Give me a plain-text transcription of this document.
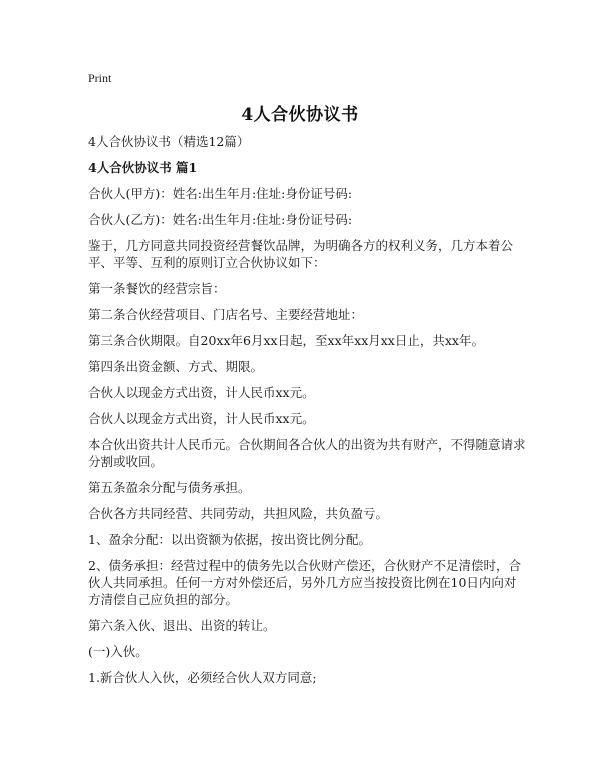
Print
4人合伙协议书

4人合伙协议书（精选12篇）

4人合伙协议书 篇1

合伙人(甲方)：姓名:出生年月:住址:身份证号码:

合伙人(乙方)：姓名:出生年月:住址:身份证号码:

鉴于，几方同意共同投资经营餐饮品牌，为明确各方的权利义务，几方本着公平、平等、互利的原则订立合伙协议如下：

第一条餐饮的经营宗旨：

第二条合伙经营项目、门店名号、主要经营地址：

第三条合伙期限。自20xx年6月xx日起，至xx年xx月xx日止，共xx年。

第四条出资金额、方式、期限。

合伙人以现金方式出资，计人民币xx元。

合伙人以现金方式出资，计人民币xx元。

本合伙出资共计人民币元。合伙期间各合伙人的出资为共有财产，不得随意请求分割或收回。

第五条盈余分配与债务承担。

合伙各方共同经营、共同劳动，共担风险，共负盈亏。

1、盈余分配：以出资额为依据，按出资比例分配。

2、债务承担：经营过程中的债务先以合伙财产偿还，合伙财产不足清偿时，合伙人共同承担。任何一方对外偿还后，另外几方应当按投资比例在10日内向对方清偿自己应负担的部分。

第六条入伙、退出、出资的转让。

(一)入伙。

1.新合伙人入伙，必须经合伙人双方同意;
